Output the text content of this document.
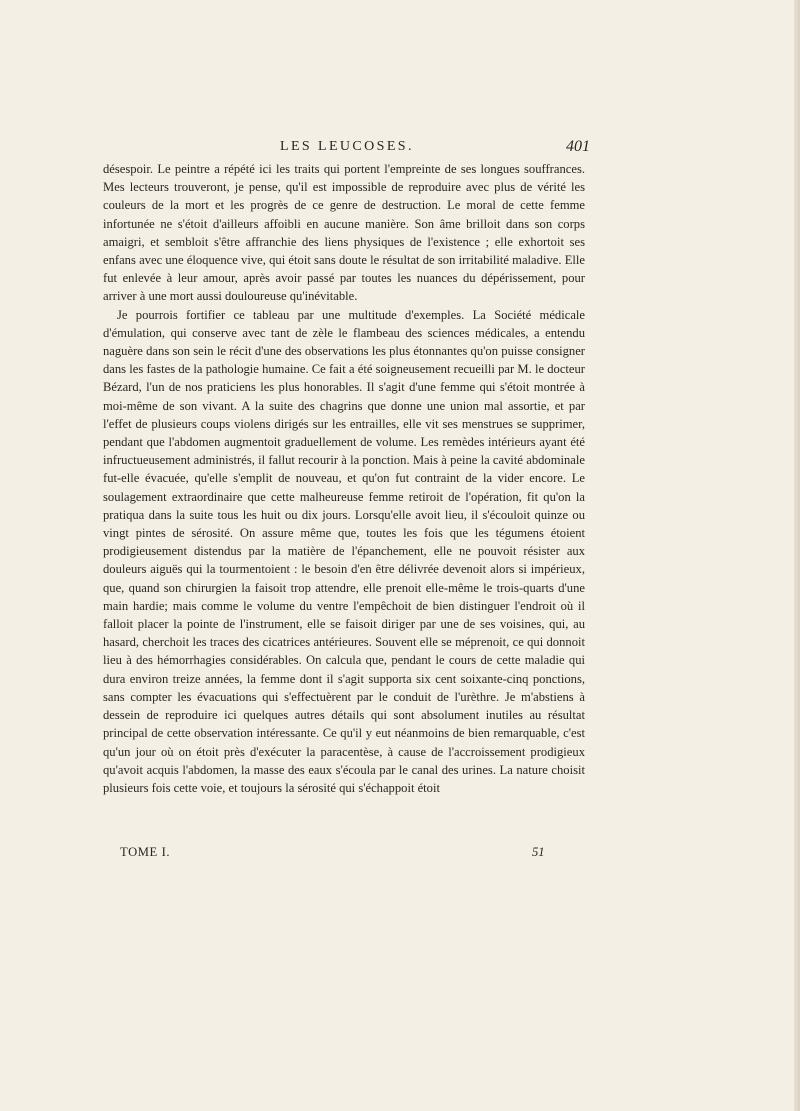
LES LEUCOSES.	401

désespoir. Le peintre a répété ici les traits qui portent l'empreinte de ses longues souffrances. Mes lecteurs trouveront, je pense, qu'il est impossible de reproduire avec plus de vérité les couleurs de la mort et les progrès de ce genre de destruction. Le moral de cette femme infortunée ne s'étoit d'ailleurs affoibli en aucune manière. Son âme brilloit dans son corps amaigri, et sembloit s'être affranchie des liens physiques de l'existence ; elle exhortoit ses enfans avec une éloquence vive, qui étoit sans doute le résultat de son irritabilité maladive. Elle fut enlevée à leur amour, après avoir passé par toutes les nuances du dépérissement, pour arriver à une mort aussi douloureuse qu'inévitable.

Je pourrois fortifier ce tableau par une multitude d'exemples. La Société médicale d'émulation, qui conserve avec tant de zèle le flambeau des sciences médicales, a entendu naguère dans son sein le récit d'une des observations les plus étonnantes qu'on puisse consigner dans les fastes de la pathologie humaine. Ce fait a été soigneusement recueilli par M. le docteur Bézard, l'un de nos praticiens les plus honorables. Il s'agit d'une femme qui s'étoit montrée à moi-même de son vivant. A la suite des chagrins que donne une union mal assortie, et par l'effet de plusieurs coups violens dirigés sur les entrailles, elle vit ses menstrues se supprimer, pendant que l'abdomen augmentoit graduellement de volume. Les remèdes intérieurs ayant été infructueusement administrés, il fallut recourir à la ponction. Mais à peine la cavité abdominale fut-elle évacuée, qu'elle s'emplit de nouveau, et qu'on fut contraint de la vider encore. Le soulagement extraordinaire que cette malheureuse femme retiroit de l'opération, fit qu'on la pratiqua dans la suite tous les huit ou dix jours. Lorsqu'elle avoit lieu, il s'écouloit quinze ou vingt pintes de sérosité. On assure même que, toutes les fois que les tégumens étoient prodigieusement distendus par la matière de l'épanchement, elle ne pouvoit résister aux douleurs aiguës qui la tourmentoient : le besoin d'en être délivrée devenoit alors si impérieux, que, quand son chirurgien la faisoit trop attendre, elle prenoit elle-même le trois-quarts d'une main hardie; mais comme le volume du ventre l'empêchoit de bien distinguer l'endroit où il falloit placer la pointe de l'instrument, elle se faisoit diriger par une de ses voisines, qui, au hasard, cherchoit les traces des cicatrices antérieures. Souvent elle se méprenoit, ce qui donnoit lieu à des hémorrhagies considérables. On calcula que, pendant le cours de cette maladie qui dura environ treize années, la femme dont il s'agit supporta six cent soixante-cinq ponctions, sans compter les évacuations qui s'effectuèrent par le conduit de l'urèthre. Je m'abstiens à dessein de reproduire ici quelques autres détails qui sont absolument inutiles au résultat principal de cette observation intéressante. Ce qu'il y eut néanmoins de bien remarquable, c'est qu'un jour où on étoit près d'exécuter la paracentèse, à cause de l'accroissement prodigieux qu'avoit acquis l'abdomen, la masse des eaux s'écoula par le canal des urines. La nature choisit plusieurs fois cette voie, et toujours la sérosité qui s'échappoit étoit

TOME I.	51
